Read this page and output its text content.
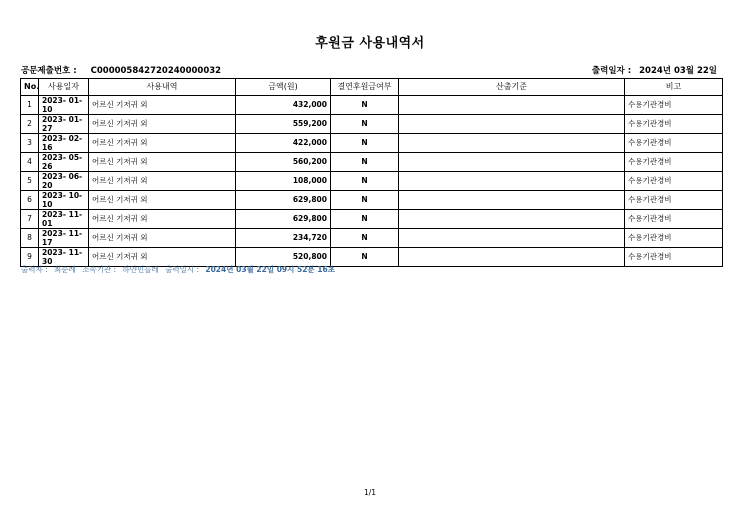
후원금 사용내역서
공문제출번호 : C000005842720240000032	출력일자 : 2024년 03월 22일
No.	사용일자	사용내역	금액(원)	결연후원금여부	산출기준	비고
1	2023- 01- 10	어르신 기저귀 외	432,000	N		수용기관경비
2	2023- 01- 27	어르신 기저귀 외	559,200	N		수용기관경비
3	2023- 02- 16	어르신 기저귀 외	422,000	N		수용기관경비
4	2023- 05- 26	어르신 기저귀 외	560,200	N		수용기관경비
5	2023- 06- 20	어르신 기저귀 외	108,000	N		수용기관경비
6	2023- 10- 10	어르신 기저귀 외	629,800	N		수용기관경비
7	2023- 11- 01	어르신 기저귀 외	629,800	N		수용기관경비
8	2023- 11- 17	어르신 기저귀 외	234,720	N		수용기관경비
9	2023- 11- 30	어르신 기저귀 외	520,800	N		수용기관경비
출력자 : 최순례 소속기관 : 하얀민들레 출력일시 : 2024년 03월 22일 09시 52분 16초
1/1
